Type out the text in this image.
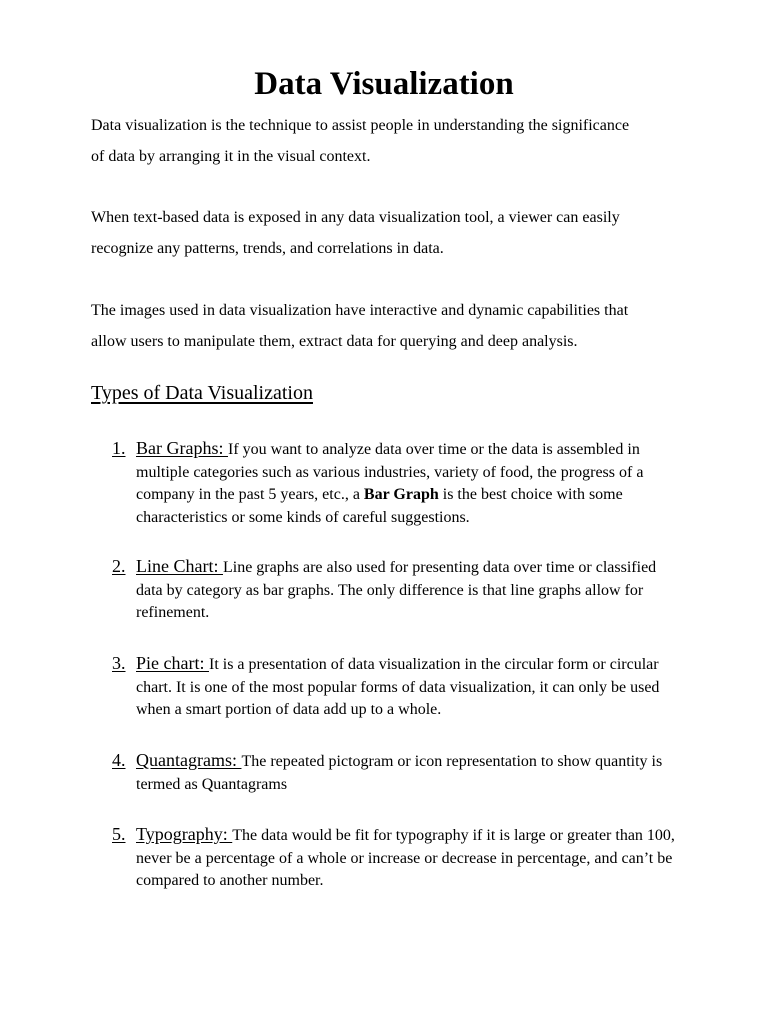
Data Visualization

Data visualization is the technique to assist people in understanding the significance
of data by arranging it in the visual context.

When text-based data is exposed in any data visualization tool, a viewer can easily
recognize any patterns, trends, and correlations in data.

The images used in data visualization have interactive and dynamic capabilities that
allow users to manipulate them, extract data for querying and deep analysis.

Types of Data Visualization
1. Bar Graphs: If you want to analyze data over time or the data is assembled in multiple categories such as various industries, variety of food, the progress of a company in the past 5 years, etc., a Bar Graph is the best choice with some characteristics or some kinds of careful suggestions.
2. Line Chart: Line graphs are also used for presenting data over time or classified data by category as bar graphs. The only difference is that line graphs allow for refinement.
3. Pie chart: It is a presentation of data visualization in the circular form or circular chart. It is one of the most popular forms of data visualization, it can only be used when a smart portion of data add up to a whole.
4. Quantagrams: The repeated pictogram or icon representation to show quantity is termed as Quantagrams
5. Typography: The data would be fit for typography if it is large or greater than 100, never be a percentage of a whole or increase or decrease in percentage, and can’t be compared to another number.
